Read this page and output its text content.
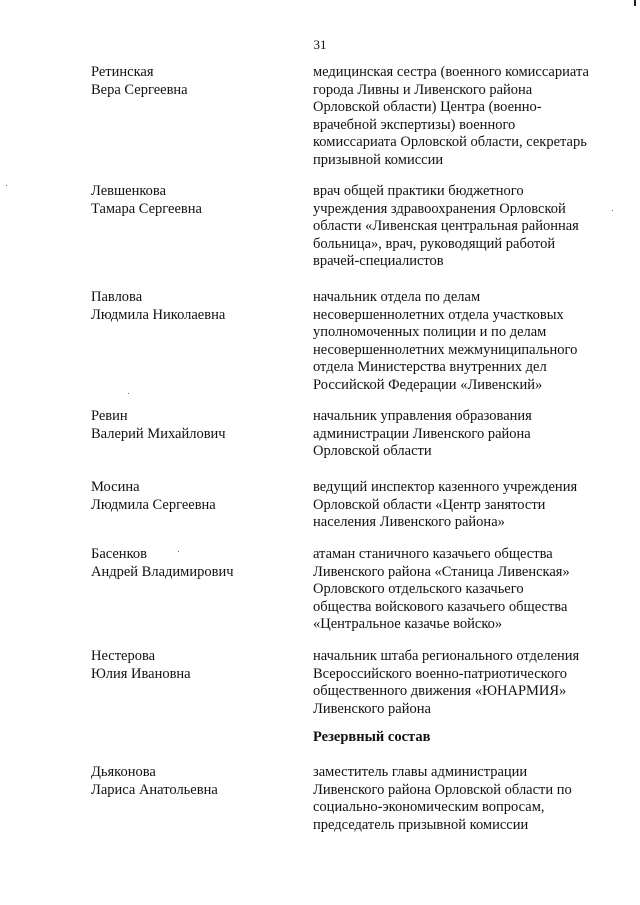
31
Ретинская
Вера Сергеевна
медицинская сестра (военного комиссариата
города Ливны и Ливенского района
Орловской области) Центра (военно-
врачебной экспертизы) военного
комиссариата Орловской области, секретарь
призывной комиссии
Левшенкова
Тамара Сергеевна
врач общей практики бюджетного
учреждения здравоохранения Орловской
области «Ливенская центральная районная
больница», врач, руководящий работой
врачей-специалистов
Павлова
Людмила Николаевна
начальник отдела по делам
несовершеннолетних отдела участковых
уполномоченных полиции и по делам
несовершеннолетних межмуниципального
отдела Министерства внутренних дел
Российской Федерации «Ливенский»
Ревин
Валерий Михайлович
начальник управления образования
администрации Ливенского района
Орловской области
Мосина
Людмила Сергеевна
ведущий инспектор казенного учреждения
Орловской области «Центр занятости
населения Ливенского района»
Басенков
Андрей Владимирович
атаман станичного казачьего общества
Ливенского района «Станица Ливенская»
Орловского отдельского казачьего
общества войскового казачьего общества
«Центральное казачье войско»
Нестерова
Юлия Ивановна
начальник штаба регионального отделения
Всероссийского военно-патриотического
общественного движения «ЮНАРМИЯ»
Ливенского района
Резервный состав
Дьяконова
Лариса Анатольевна
заместитель главы администрации
Ливенского района Орловской области по
социально-экономическим вопросам,
председатель призывной комиссии
